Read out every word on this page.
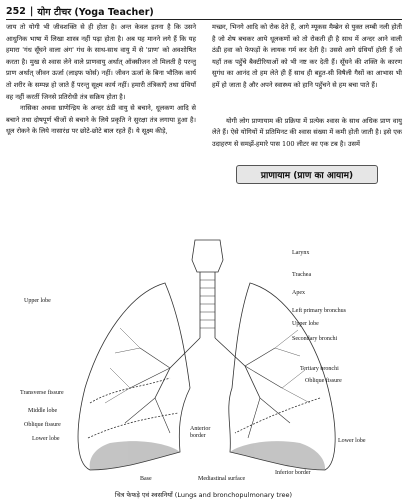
252 | योग टीचर (Yoga Teacher)

जाय तो योगी भी जीवशक्ति से ही होता है। अन्त केवल इतना है कि उसने आधुनिक भाषा में लिखा शास्त्र नहीं पढ़ा होता है। अब यह मानने लगे हैं कि यह हमारा 'गंध सूँघने वाला अंग' गंध के साथ-साथ वायु में से 'प्राण' को अवशोषित करता है। मुख से श्वास लेने वाले प्राणवायु अर्थात् ऑक्सीजन तो मिलती है परन्तु प्राण अर्थात् जीवन ऊर्जा (लाइफ फोर्स) नहीं। जीवन ऊर्जा के बिना भौतिक कार्य तो शरीर के सम्पन्न हो जाते हैं परन्तु सूक्ष्म कार्य नहीं। हमारी तंत्रिकाएँ तथा ग्रंथियाँ वह नहीं करतीं जिनसे प्रतिरोधी तंत्र सक्रिय होता है।

नासिका अथवा घ्राणेन्द्रिय के अन्दर ठंडी वायु से बचाने, धूलकण आदि से बचाने तथा दोषपूर्ण चीजों से बचाने के लिये प्रकृति ने सुरक्षा तंत्र लगाया हुआ है। धूल रोकने के लिये नासारंध्र पर छोटे-छोटे बाल रहते हैं। ये सूक्ष्म कीड़े,

मच्छर, भिनगे आदि को रोक देते हैं, आगे म्यूकस मैम्ब्रेन से युक्त लम्बी नली होती है जो शेष बचकर आये धूलकणों को तो रोकती ही है साथ में अन्दर आने वाली ठंडी हवा को फेफड़ों के लायक गर्म कर देती है। उससे आगे ग्रंथियाँ होती हैं जो यहाँ तक पहुँचे बैक्टीरियाओं को भी नष्ट कर देती हैं। सूँघने की शक्ति के कारण सुगंध का आनंद तो हम लेते ही हैं साथ ही बहुत-सी विषैली गैसों का आभास भी हमें हो जाता है और अपने स्वास्थ्य को हानि पहुँचने से हम बचा पाते हैं।

योगी लोग प्राणायाम की प्रक्रिया में प्रत्येक श्वास के साथ अधिक प्राण वायु लेते हैं। ऐसे योगियों में प्रतिमिनट की श्वास संख्या में कमी होती जाती है। इसे एक उदाहरण से समझें-हमारे पास 100 लीटर का एक टब है। उसमें

प्राणायाम (प्राण का आयाम)
Larynx
Trachea
Apex
Upper lobe
Left primary bronchus
Upper lobe
Secondary bronchi
Tertiary bronchi
Oblique fissure
Transverse fissure
Middle lobe
Oblique fissure
Lower lobe
Anterior border
Lower lobe
Base	Mediastinal surface
Inferior border
चित्र फेफड़े एवं श्वसनियाँ (Lungs and bronchopulmonary tree)
